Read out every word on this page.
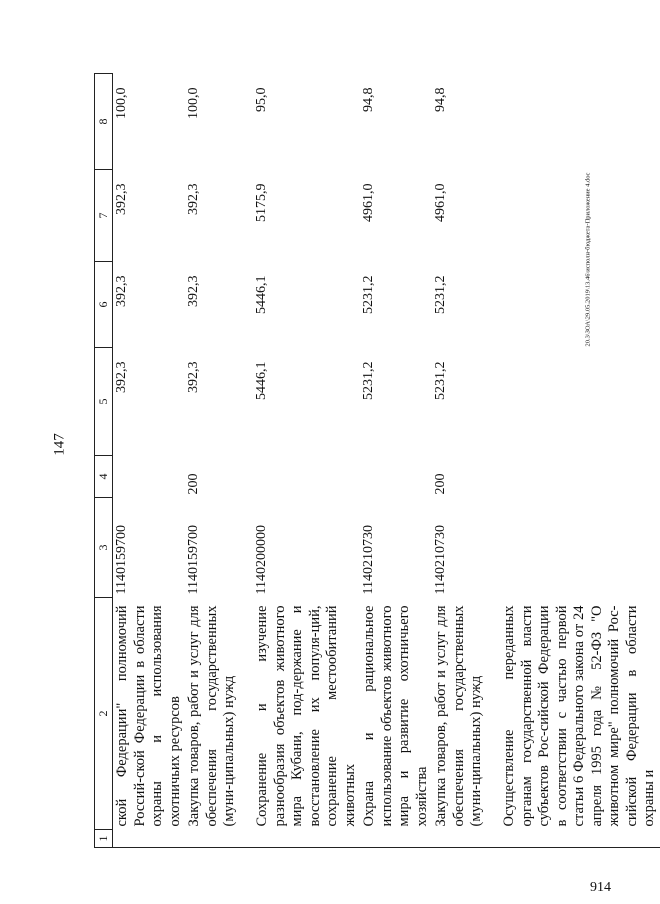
147
20.3\ЗОА\29.05.2019\13.46\исполн-бюджета-Приложение 4.doc
914
1	2	3	4	5	6	7	8
	ской Федерации" полномочий Россий-ской Федерации в области охраны и использования охотничьих ресурсов	1140159700		392,3	392,3	392,3	100,0
	Закупка товаров, работ и услуг для обеспечения государственных (муни-ципальных) нужд	1140159700	200	392,3	392,3	392,3	100,0
	Сохранение и изучение разнообразия объектов животного мира Кубани, под-держание и восстановление их популя-ций, сохранение местообитаний животных	1140200000		5446,1	5446,1	5175,9	95,0
	Охрана и рациональное использование объектов животного мира и развитие охотничьего хозяйства	1140210730		5231,2	5231,2	4961,0	94,8
	Закупка товаров, работ и услуг для обеспечения государственных (муни-ципальных) нужд	1140210730	200	5231,2	5231,2	4961,0	94,8
	Осуществление переданных органам государственной власти субъектов Рос-сийской Федерации в соответствии с частью первой статьи 6 Федерального закона от 24 апреля 1995 года № 52-ФЗ "О животном мире" полномочий Рос-сийской Федерации в области охраны и						
